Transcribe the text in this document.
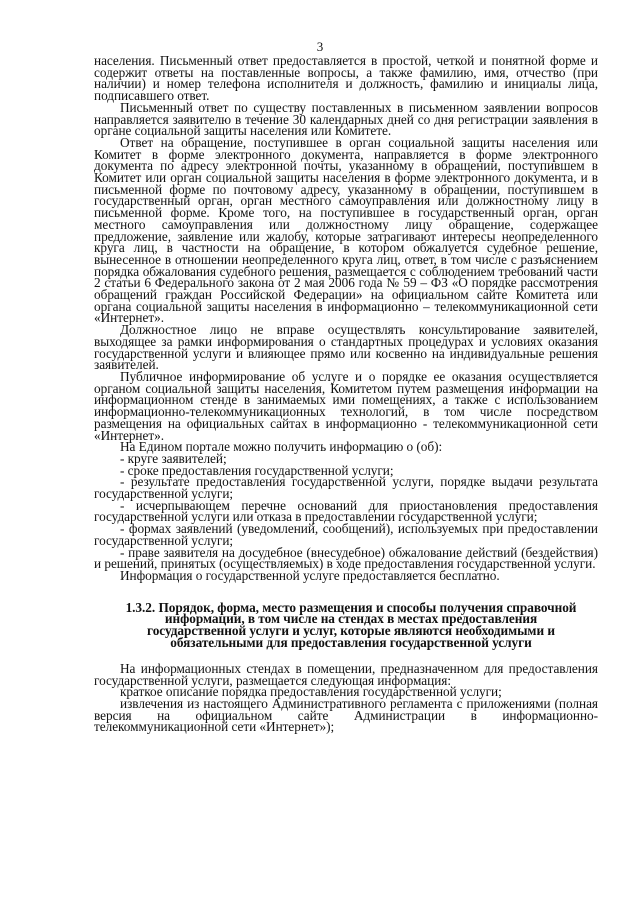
3

населения. Письменный ответ предоставляется в простой, четкой и понятной форме и содержит ответы на поставленные вопросы, а также фамилию, имя, отчество (при наличии) и номер телефона исполнителя и должность, фамилию и инициалы лица, подписавшего ответ.

Письменный ответ по существу поставленных в письменном заявлении вопросов направляется заявителю в течение 30 календарных дней со дня регистрации заявления в органе социальной защиты населения или Комитете.

Ответ на обращение, поступившее в орган социальной защиты населения или Комитет в форме электронного документа, направляется в форме электронного документа по адресу электронной почты, указанному в обращении, поступившем в Комитет или орган социальной защиты населения в форме электронного документа, и в письменной форме по почтовому адресу, указанному в обращении, поступившем в государственный орган, орган местного самоуправления или должностному лицу в письменной форме. Кроме того, на поступившее в государственный орган, орган местного самоуправления или должностному лицу обращение, содержащее предложение, заявление или жалобу, которые затрагивают интересы неопределенного круга лиц, в частности на обращение, в котором обжалуется судебное решение, вынесенное в отношении неопределенного круга лиц, ответ, в том числе с разъяснением порядка обжалования судебного решения, размещается с соблюдением требований части 2 статьи 6 Федерального закона от 2 мая 2006 года № 59 – ФЗ «О порядке рассмотрения обращений граждан Российской Федерации» на официальном сайте Комитета или органа социальной защиты населения в информационно – телекоммуникационной сети «Интернет».

Должностное лицо не вправе осуществлять консультирование заявителей, выходящее за рамки информирования о стандартных процедурах и условиях оказания государственной услуги и влияющее прямо или косвенно на индивидуальные решения заявителей.

Публичное информирование об услуге и о порядке ее оказания осуществляется органом социальной защиты населения, Комитетом путем размещения информации на информационном стенде в занимаемых ими помещениях, а также с использованием информационно-телекоммуникационных технологий, в том числе посредством размещения на официальных сайтах в информационно - телекоммуникационной сети «Интернет».

На Едином портале можно получить информацию о (об):

- круге заявителей;

- сроке предоставления государственной услуги;

- результате предоставления государственной услуги, порядке выдачи результата государственной услуги;

- исчерпывающем перечне оснований для приостановления предоставления государственной услуги или отказа в предоставлении государственной услуги;

- формах заявлений (уведомлений, сообщений), используемых при предоставлении государственной услуги;

- праве заявителя на досудебное (внесудебное) обжалование действий (бездействия) и решений, принятых (осуществляемых) в ходе предоставления государственной услуги.

Информация о государственной услуге предоставляется бесплатно.

1.3.2. Порядок, форма, место размещения и способы получения справочной информации, в том числе на стендах в местах предоставления государственной услуги и услуг, которые являются необходимыми и обязательными для предоставления государственной услуги

На информационных стендах в помещении, предназначенном для предоставления государственной услуги, размещается следующая информация:

краткое описание порядка предоставления государственной услуги;

извлечения из настоящего Административного регламента с приложениями (полная версия на официальном сайте Администрации в информационно-телекоммуникационной сети «Интернет»);
